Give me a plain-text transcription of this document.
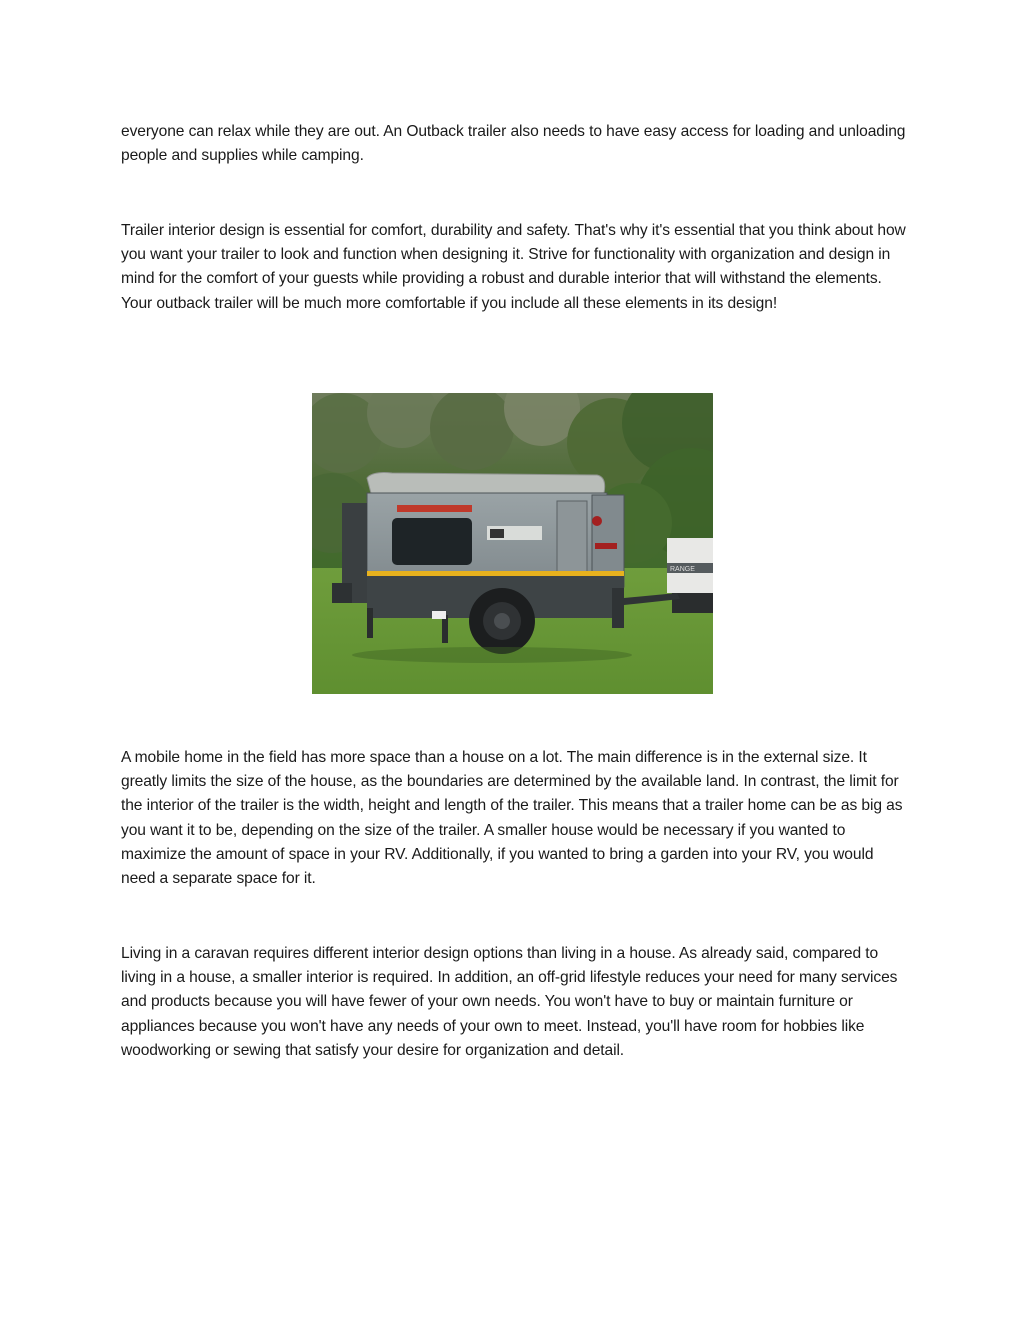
everyone can relax while they are out. An Outback trailer also needs to have easy access for loading and unloading people and supplies while camping.

Trailer interior design is essential for comfort, durability and safety. That's why it's essential that you think about how you want your trailer to look and function when designing it. Strive for functionality with organization and design in mind for the comfort of your guests while providing a robust and durable interior that will withstand the elements. Your outback trailer will be much more comfortable if you include all these elements in its design!

RANGE

A mobile home in the field has more space than a house on a lot. The main difference is in the external size. It greatly limits the size of the house, as the boundaries are determined by the available land. In contrast, the limit for the interior of the trailer is the width, height and length of the trailer. This means that a trailer home can be as big as you want it to be, depending on the size of the trailer. A smaller house would be necessary if you wanted to maximize the amount of space in your RV. Additionally, if you wanted to bring a garden into your RV, you would need a separate space for it.

Living in a caravan requires different interior design options than living in a house. As already said, compared to living in a house, a smaller interior is required. In addition, an off-grid lifestyle reduces your need for many services and products because you will have fewer of your own needs. You won't have to buy or maintain furniture or appliances because you won't have any needs of your own to meet. Instead, you'll have room for hobbies like woodworking or sewing that satisfy your desire for organization and detail.
